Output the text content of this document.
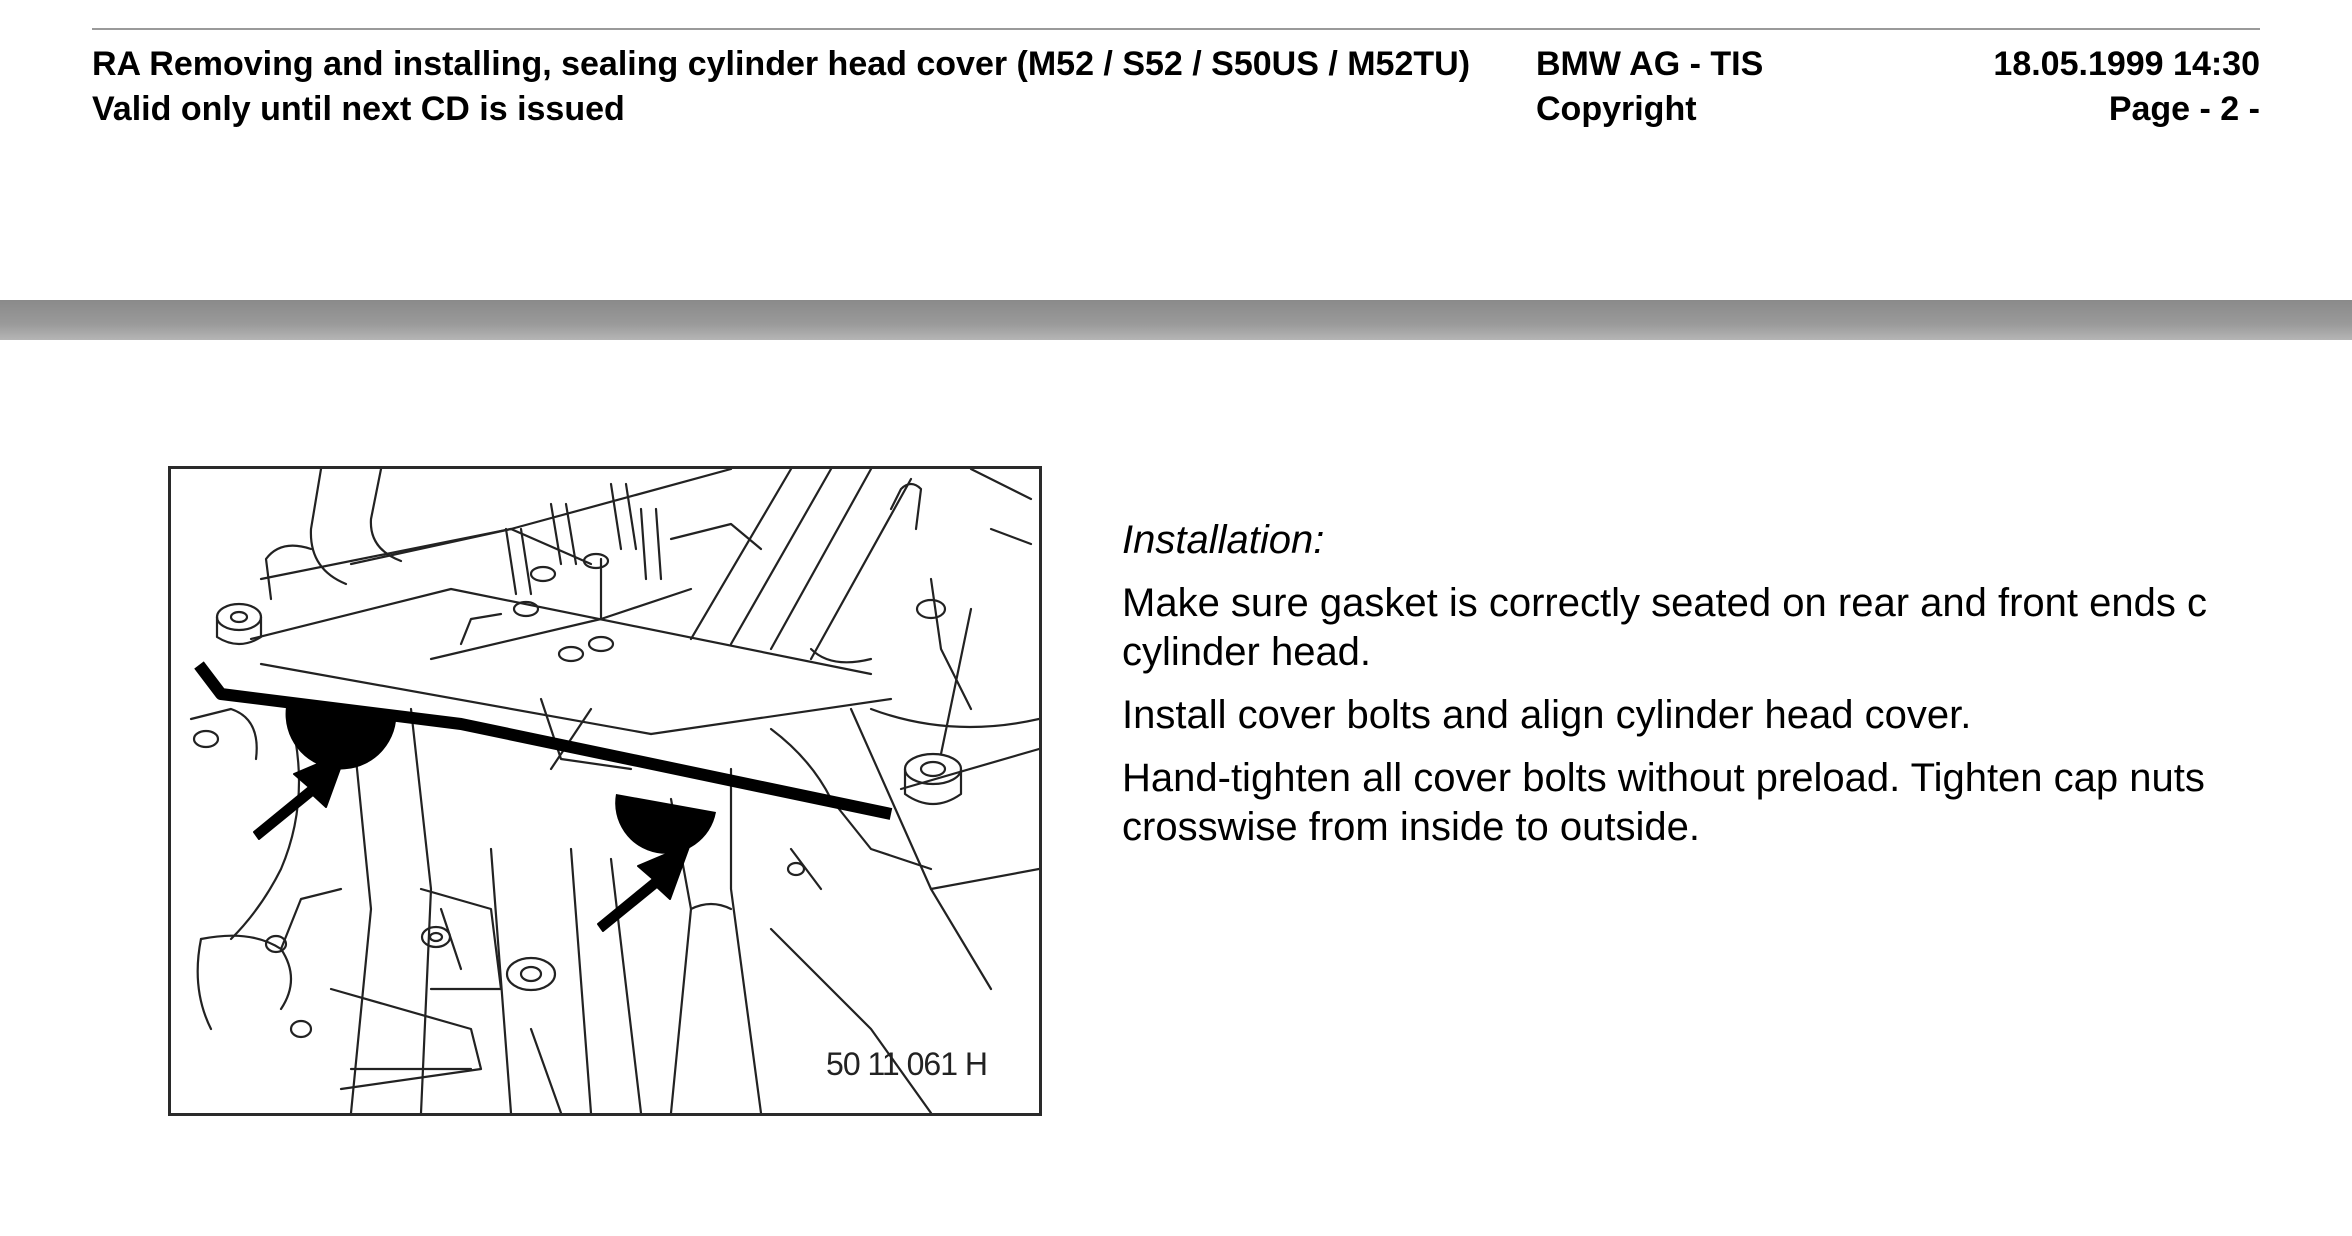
RA Removing and installing, sealing cylinder head cover (M52 / S52 / S50US / M52TU)
Valid only until next CD is issued
BMW AG - TIS
Copyright
18.05.1999 14:30
Page - 2 -
50 11 061 H
Installation:
Make sure gasket is correctly seated on rear and front ends c
cylinder head.
Install cover bolts and align cylinder head cover.
Hand-tighten all cover bolts without preload. Tighten cap nuts
crosswise from inside to outside.
